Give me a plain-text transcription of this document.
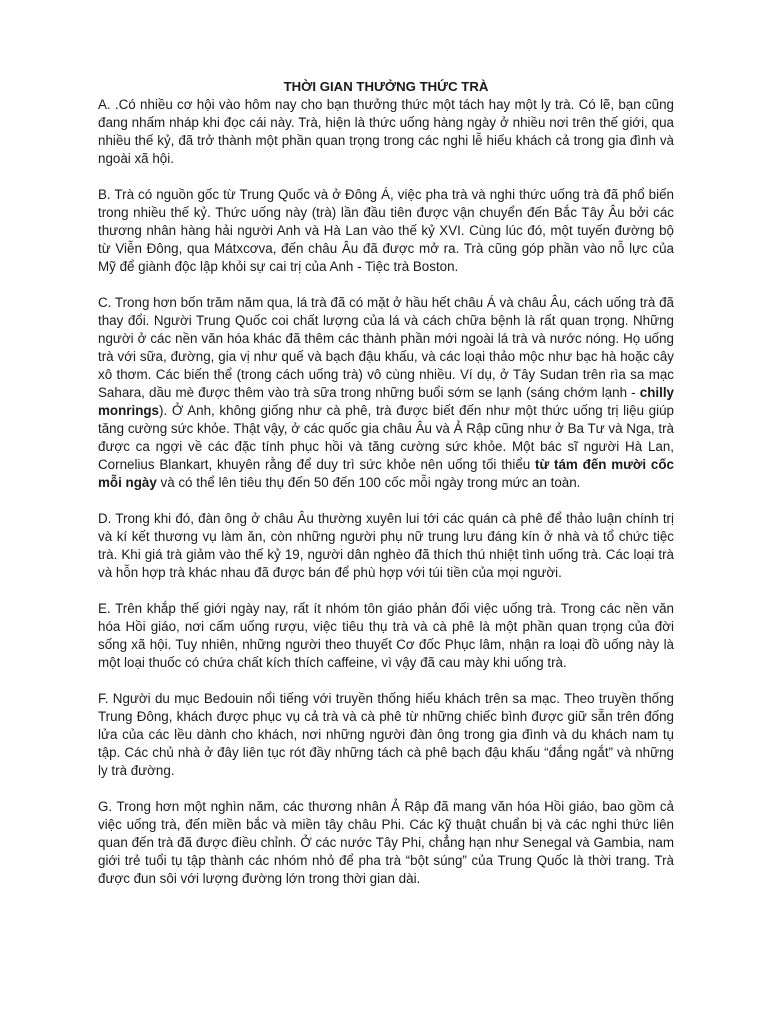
THỜI GIAN THƯỞNG THỨC TRÀ

A. .Có nhiều cơ hội vào hôm nay cho bạn thưởng thức một tách hay một ly trà. Có lẽ, bạn cũng đang nhấm nháp khi đọc cái này. Trà, hiện là thức uống hàng ngày ở nhiều nơi trên thế giới, qua nhiều thế kỷ, đã trở thành một phần quan trọng trong các nghi lễ hiếu khách cả trong gia đình và ngoài xã hội.

B. Trà có nguồn gốc từ Trung Quốc và ở Đông Á, việc pha trà và nghi thức uống trà đã phổ biến trong nhiều thế kỷ. Thức uống này (trà) lần đầu tiên được vận chuyển đến Bắc Tây Âu bởi các thương nhân hàng hải người Anh và Hà Lan vào thế kỷ XVI. Cùng lúc đó, một tuyến đường bộ từ Viễn Đông, qua Mátxcơva, đến châu Âu đã được mở ra. Trà cũng góp phần vào nỗ lực của Mỹ để giành độc lập khỏi sự cai trị của Anh - Tiệc trà Boston.

C. Trong hơn bốn trăm năm qua, lá trà đã có mặt ở hầu hết châu Á và châu Âu, cách uống trà đã thay đổi. Người Trung Quốc coi chất lượng của lá và cách chữa bệnh là rất quan trọng. Những người ở các nền văn hóa khác đã thêm các thành phần mới ngoài lá trà và nước nóng. Họ uống trà với sữa, đường, gia vị như quế và bạch đậu khấu, và các loại thảo mộc như bạc hà hoặc cây xô thơm. Các biến thể (trong cách uống trà) vô cùng nhiều. Ví dụ, ở Tây Sudan trên rìa sa mạc Sahara, dầu mè được thêm vào trà sữa trong những buổi sớm se lạnh (sáng chớm lạnh - chilly monrings). Ở Anh, không giống như cà phê, trà được biết đến như một thức uống trị liệu giúp tăng cường sức khỏe. Thật vậy, ở các quốc gia châu Âu và Ả Rập cũng như ở Ba Tư và Nga, trà được ca ngợi về các đặc tính phục hồi và tăng cường sức khỏe. Một bác sĩ người Hà Lan, Cornelius Blankart, khuyên rằng để duy trì sức khỏe nên uống tối thiểu từ tám đến mười cốc mỗi ngày và có thể lên tiêu thụ đến 50 đến 100 cốc mỗi ngày trong mức an toàn.

D. Trong khi đó, đàn ông ở châu Âu thường xuyên lui tới các quán cà phê để thảo luận chính trị và kí kết thương vụ làm ăn, còn những người phụ nữ trung lưu đáng kín ở nhà và tổ chức tiệc trà. Khi giá trà giảm vào thế kỷ 19, người dân nghèo đã thích thú nhiệt tình uống trà. Các loại trà và hỗn hợp trà khác nhau đã được bán để phù hợp với túi tiền của mọi người.

E. Trên khắp thế giới ngày nay, rất ít nhóm tôn giáo phản đối việc uống trà. Trong các nền văn hóa Hồi giáo, nơi cấm uống rượu, việc tiêu thụ trà và cà phê là một phần quan trọng của đời sống xã hội. Tuy nhiên, những người theo thuyết Cơ đốc Phục lâm, nhận ra loại đồ uống này là một loại thuốc có chứa chất kích thích caffeine, vì vậy đã cau mày khi uống trà.

F. Người du mục Bedouin nổi tiếng với truyền thống hiếu khách trên sa mạc. Theo truyền thống Trung Đông, khách được phục vụ cả trà và cà phê từ những chiếc bình được giữ sẵn trên đống lửa của các lều dành cho khách, nơi những người đàn ông trong gia đình và du khách nam tụ tập. Các chủ nhà ở đây liên tục rót đầy những tách cà phê bạch đậu khấu “đắng ngắt” và những ly trà đường.

G. Trong hơn một nghìn năm, các thương nhân Ả Rập đã mang văn hóa Hồi giáo, bao gồm cả việc uống trà, đến miền bắc và miền tây châu Phi. Các kỹ thuật chuẩn bị và các nghi thức liên quan đến trà đã được điều chỉnh. Ở các nước Tây Phi, chẳng hạn như Senegal và Gambia, nam giới trẻ tuổi tụ tập thành các nhóm nhỏ để pha trà “bột súng” của Trung Quốc là thời trang. Trà được đun sôi với lượng đường lớn trong thời gian dài.
